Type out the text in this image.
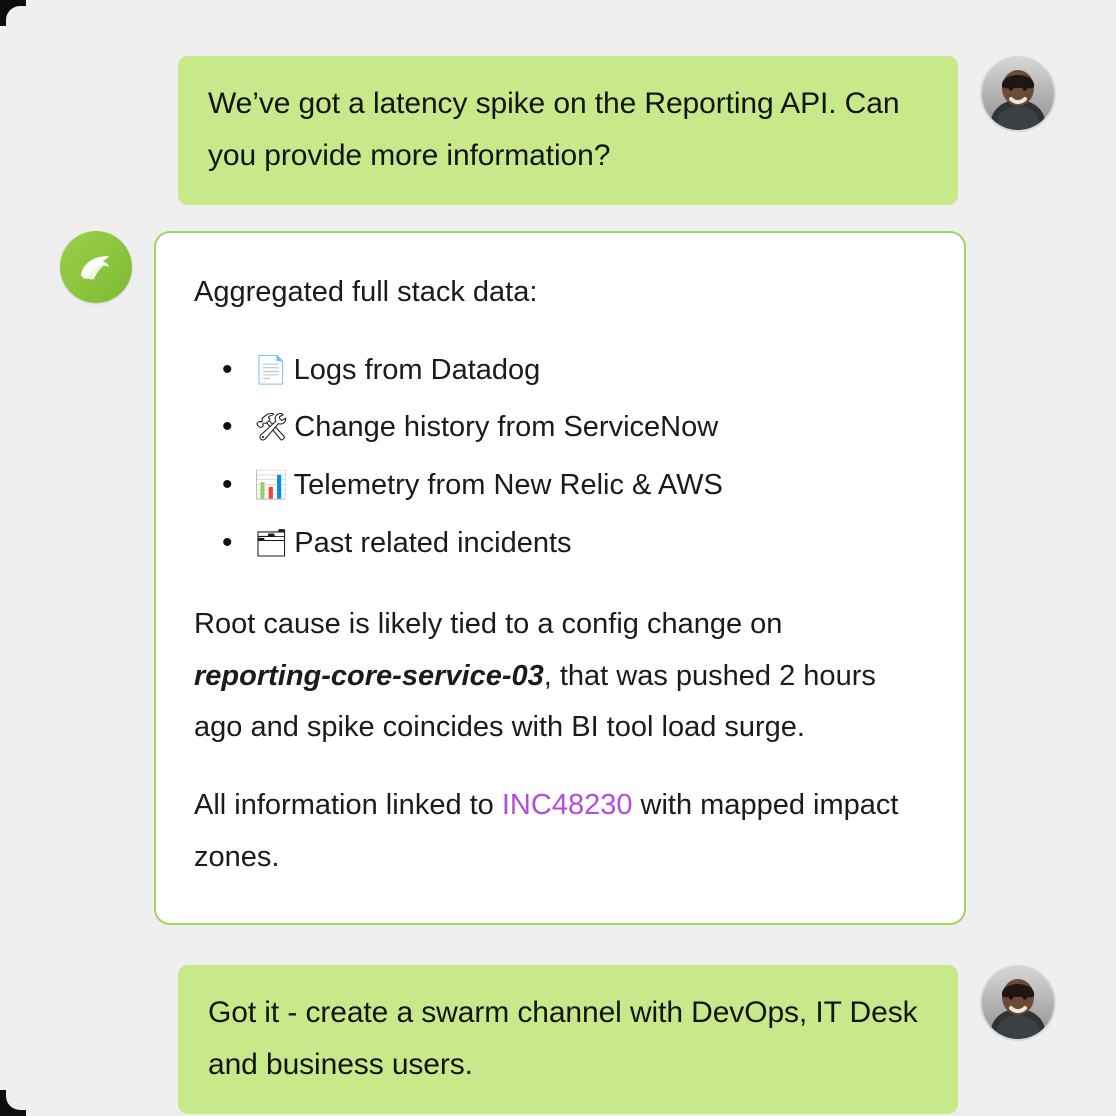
We’ve got a latency spike on the Reporting API. Can you provide more information?

Aggregated full stack data:

• 📄 Logs from Datadog
• 🛠 Change history from ServiceNow
• 📊 Telemetry from New Relic & AWS
• 🗂 Past related incidents

Root cause is likely tied to a config change on reporting-core-service-03, that was pushed 2 hours ago and spike coincides with BI tool load surge.

All information linked to INC48230 with mapped impact zones.

Got it - create a swarm channel with DevOps, IT Desk and business users.
